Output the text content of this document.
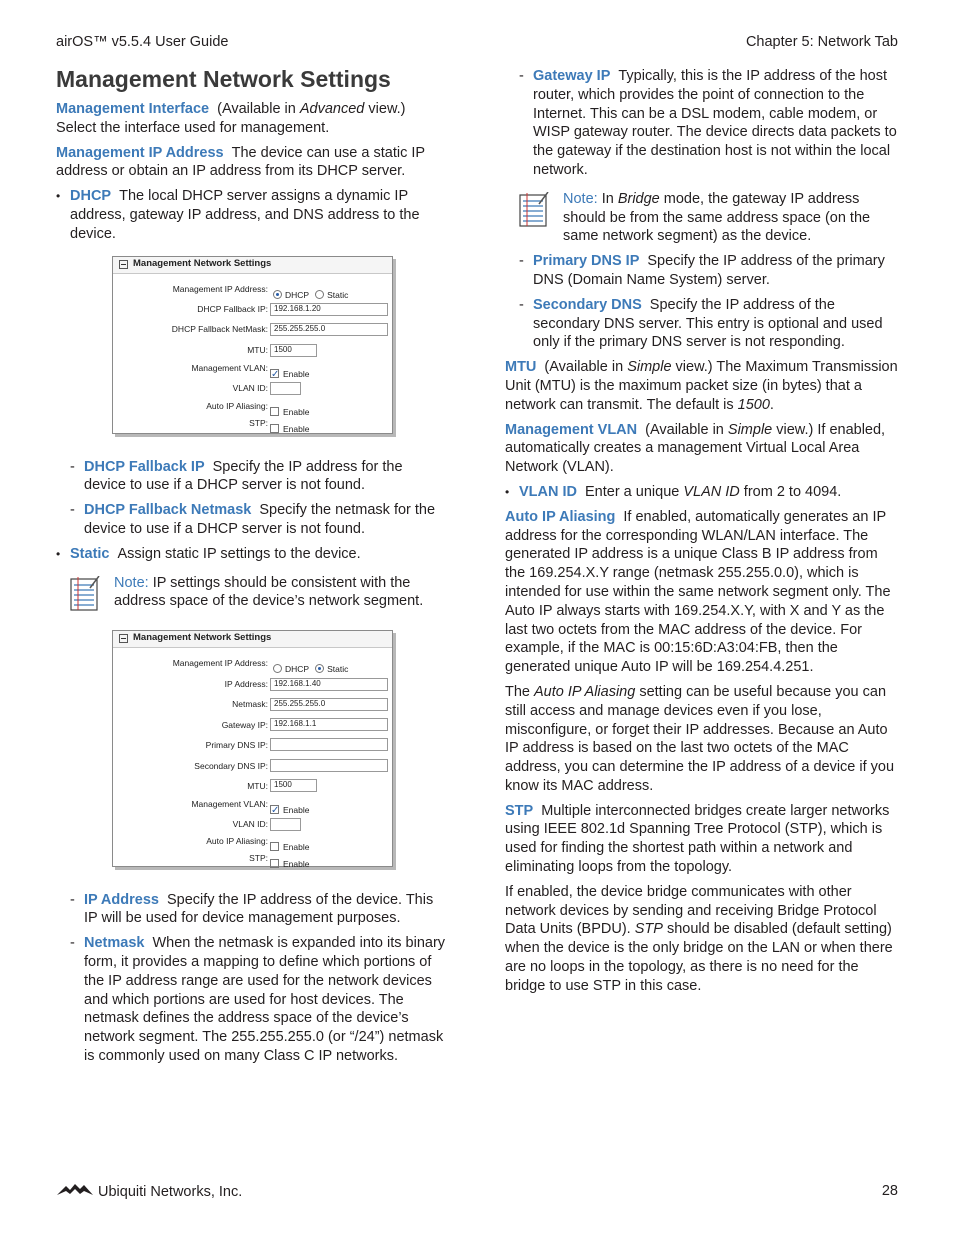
airOS™ v5.5.4 User Guide	Chapter 5: Network Tab
Management Network Settings

Management Interface (Available in Advanced view.) Select the interface used for management.

Management IP Address The device can use a static IP address or obtain an IP address from its DHCP server.

• DHCP The local DHCP server assigns a dynamic IP address, gateway IP address, and DNS address to the device.
Management Network Settings
Management IP Address:
DHCP Static
DHCP Fallback IP: 192.168.1.20
DHCP Fallback NetMask: 255.255.255.0
MTU: 1500
Management VLAN:
✓
Enable
VLAN ID:
Auto IP Aliasing:
Enable
STP:
Enable
- DHCP Fallback IP Specify the IP address for the device to use if a DHCP server is not found.
- DHCP Fallback Netmask Specify the netmask for the device to use if a DHCP server is not found.
• Static Assign static IP settings to the device.
Note: IP settings should be consistent with the address space of the device’s network segment.
Management Network Settings
Management IP Address:
DHCP Static
IP Address: 192.168.1.40
Netmask: 255.255.255.0
Gateway IP: 192.168.1.1
Primary DNS IP:
Secondary DNS IP:
MTU: 1500
Management VLAN:
✓
Enable
VLAN ID:
Auto IP Aliasing:
Enable
STP:
Enable
- IP Address Specify the IP address of the device. This IP will be used for device management purposes.
- Netmask When the netmask is expanded into its binary form, it provides a mapping to define which portions of the IP address range are used for the network devices and which portions are used for host devices. The netmask defines the address space of the device’s network segment. The 255.255.255.0 (or “/24”) netmask is commonly used on many Class C IP networks.
- Gateway IP Typically, this is the IP address of the host router, which provides the point of connection to the Internet. This can be a DSL modem, cable modem, or WISP gateway router. The device directs data packets to the gateway if the destination host is not within the local network.
Note: In Bridge mode, the gateway IP address should be from the same address space (on the same network segment) as the device.
- Primary DNS IP Specify the IP address of the primary DNS (Domain Name System) server.
- Secondary DNS Specify the IP address of the secondary DNS server. This entry is optional and used only if the primary DNS server is not responding.

MTU (Available in Simple view.) The Maximum Transmission Unit (MTU) is the maximum packet size (in bytes) that a network can transmit. The default is 1500.

Management VLAN (Available in Simple view.) If enabled, automatically creates a management Virtual Local Area Network (VLAN).

• VLAN ID Enter a unique VLAN ID from 2 to 4094.

Auto IP Aliasing If enabled, automatically generates an IP address for the corresponding WLAN/LAN interface. The generated IP address is a unique Class B IP address from the 169.254.X.Y range (netmask 255.255.0.0), which is intended for use within the same network segment only. The Auto IP always starts with 169.254.X.Y, with X and Y as the last two octets from the MAC address of the device. For example, if the MAC is 00:15:6D:A3:04:FB, then the generated unique Auto IP will be 169.254.4.251.

The Auto IP Aliasing setting can be useful because you can still access and manage devices even if you lose, misconfigure, or forget their IP addresses. Because an Auto IP address is based on the last two octets of the MAC address, you can determine the IP address of a device if you know its MAC address.

STP Multiple interconnected bridges create larger networks using IEEE 802.1d Spanning Tree Protocol (STP), which is used for finding the shortest path within a network and eliminating loops from the topology.

If enabled, the device bridge communicates with other network devices by sending and receiving Bridge Protocol Data Units (BPDU). STP should be disabled (default setting) when the device is the only bridge on the LAN or when there are no loops in the topology, as there is no need for the bridge to use STP in this case.

Ubiquiti Networks, Inc.	28
